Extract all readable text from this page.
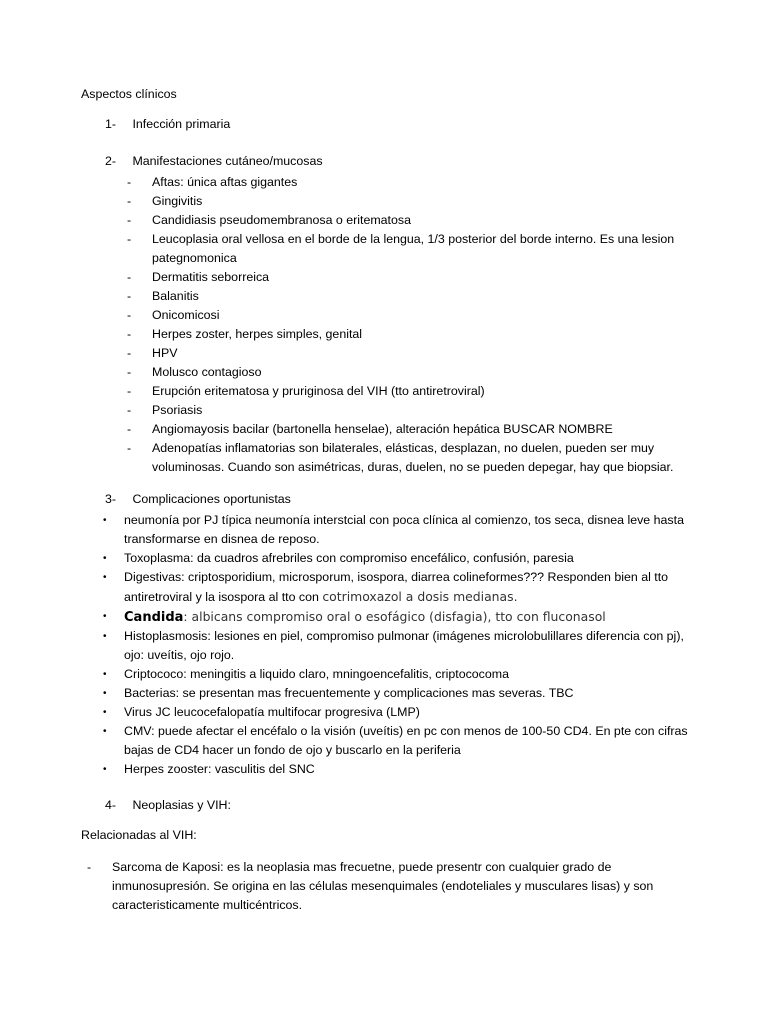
Aspectos clínicos
1- Infección primaria
2- Manifestaciones cutáneo/mucosas
- Aftas: única aftas gigantes
- Gingivitis
- Candidiasis pseudomembranosa o eritematosa
- Leucoplasia oral vellosa en el borde de la lengua, 1/3 posterior del borde interno. Es una lesion pategnomonica
- Dermatitis seborreica
- Balanitis
- Onicomicosi
- Herpes zoster, herpes simples, genital
- HPV
- Molusco contagioso
- Erupción eritematosa y pruriginosa del VIH (tto antiretroviral)
- Psoriasis
- Angiomayosis bacilar (bartonella henselae), alteración hepática BUSCAR NOMBRE
- Adenopatías inflamatorias son bilaterales, elásticas, desplazan, no duelen, pueden ser muy voluminosas. Cuando son asimétricas, duras, duelen, no se pueden depegar, hay que biopsiar.
3- Complicaciones oportunistas
• neumonía por PJ típica neumonía interstcial con poca clínica al comienzo, tos seca, disnea leve hasta transformarse en disnea de reposo.
• Toxoplasma: da cuadros afrebriles con compromiso encefálico, confusión, paresia
• Digestivas: criptosporidium, microsporum, isospora, diarrea colineformes??? Responden bien al tto antiretroviral y la isospora al tto con cotrimoxazol a dosis medianas.
• Candida: albicans compromiso oral o esofágico (disfagia), tto con fluconasol
• Histoplasmosis: lesiones en piel, compromiso pulmonar (imágenes microlobulillares diferencia con pj), ojo: uveítis, ojo rojo.
• Criptococo: meningitis a liquido claro, mningoencefalitis, criptococoma
• Bacterias: se presentan mas frecuentemente y complicaciones mas severas. TBC
• Virus JC leucocefalopatía multifocar progresiva (LMP)
• CMV: puede afectar el encéfalo o la visión (uveítis) en pc con menos de 100-50 CD4. En pte con cifras bajas de CD4 hacer un fondo de ojo y buscarlo en la periferia
• Herpes zooster: vasculitis del SNC
4- Neoplasias y VIH:
Relacionadas al VIH:
- Sarcoma de Kaposi: es la neoplasia mas frecuetne, puede presentr con cualquier grado de inmunosupresión. Se origina en las células mesenquimales (endoteliales y musculares lisas) y son caracteristicamente multicéntricos.
